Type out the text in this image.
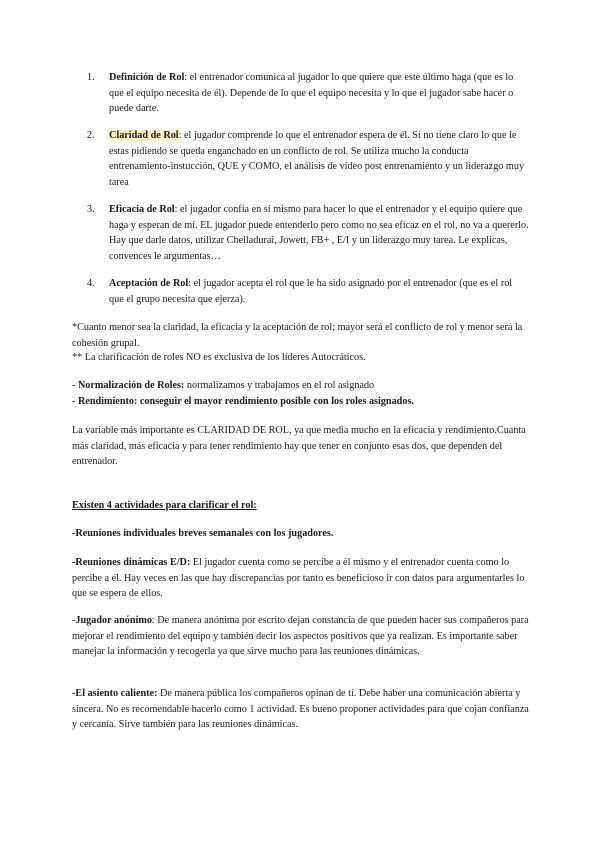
1. Definición de Rol: el entrenador comunica al jugador lo que quiere que este último haga (que es lo que el equipo necesita de él). Depende de lo que el equipo necesita y lo que el jugador sabe hacer o puede darte.
2. Claridad de Rol: el jugador comprende lo que el entrenador espera de él. Si no tiene claro lo que le estas pidiendo se queda enganchado en un conflicto de rol. Se utiliza mucho la conducta entrenamiento-instucción, QUE y COMO, el análisis de video post entrenamiento y un liderazgo muy tarea
3. Eficacia de Rol: el jugador confía en sí mismo para hacer lo que el entrenador y el equipo quiere que haga y esperan de mí. EL jugador puede entenderlo pero como no sea eficaz en el rol, no va a quererlo. Hay que darle datos, utilizar Chelladurai, Jowett, FB+ , E/I y un liderazgo muy tarea. Le explicas, convences le argumentas…
4. Aceptación de Rol: el jugador acepta el rol que le ha sido asignado por el entrenador (que es el rol que el grupo necesita que ejerza).
*Cuanto menor sea la claridad, la eficacia y la aceptación de rol; mayor será el conflicto de rol y menor será la cohesión grupal.
** La clarificación de roles NO es exclusiva de los líderes Autocráticos.
- Normalización de Roles: normalizamos y trabajamos en el rol asignado
- Rendimiento: conseguir el mayor rendimiento posible con los roles asignados.
La variable más importante es CLARIDAD DE ROL, ya que media mucho en la eficacia y rendimiento.Cuanta más claridad, más eficacia y para tener rendimiento hay que tener en conjunto esas dos, que dependen del entrenador.
Existen 4 actividades para clarificar el rol:
-Reuniones individuales breves semanales con los jugadores.
-Reuniones dinámicas E/D: El jugador cuenta como se percibe a él mismo y el entrenador cuenta como lo percibe a él. Hay veces en las que hay discrepancias por tanto es beneficioso ir con datos para argumentarles lo que se espera de ellos.
-Jugador anónimo: De manera anónima por escrito dejan constancia de que pueden hacer sus compañeros para mejorar el rendimiento del equipo y también decir los aspectos positivos que ya realizan. Es importante saber manejar la información y recogerla ya que sirve mucho para las reuniones dinámicas.
-El asiento caliente: De manera pública los compañeros opinan de ti. Debe haber una comunicación abierta y sincera. No es recomendable hacerlo como 1 actividad. Es bueno proponer actividades para que cojan confianza y cercanía. Sirve también para las reuniones dinámicas.
